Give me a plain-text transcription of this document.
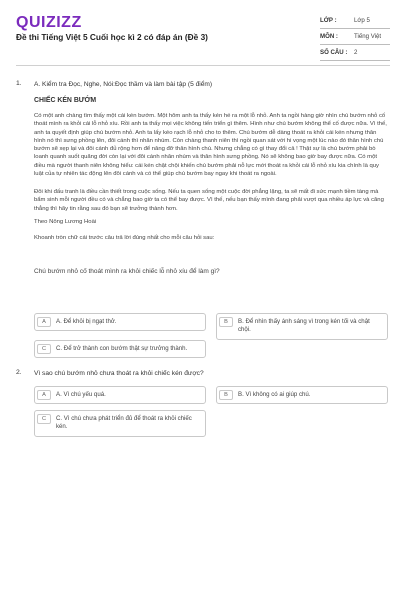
QUIZIZZ
Đề thi Tiếng Việt 5 Cuối học kì 2 có đáp án (Đề 3)
LỚP :	Lớp 5
MÔN :	Tiếng Việt
SỐ CÂU :	2
1. A. Kiểm tra Đọc, Nghe, Nói:Đọc thầm và làm bài tập (5 điểm)
CHIẾC KÉN BƯỚM
Có một anh chàng tìm thấy một cái kén bướm. Một hôm anh ta thấy kén hé ra một lỗ nhỏ. Anh ta ngồi hàng giờ nhìn chú bướm nhỏ cố thoát mình ra khỏi cái lỗ nhỏ xíu. Rồi anh ta thấy mọi việc không tiến triển gì thêm. Hình như chú bướm không thể cố được nữa. Vì thế, anh ta quyết định giúp chú bướm nhỏ. Anh ta lấy kéo rạch lỗ nhỏ cho to thêm. Chú bướm dễ dàng thoát ra khỏi cái kén nhưng thân hình nó thì sưng phồng lên, đôi cánh thì nhăn nhúm. Còn chàng thanh niên thì ngồi quan sát với hi vọng một lúc nào đó thân hình chú bướm sẽ xẹp lại và đôi cánh đủ rộng hơn để nâng đỡ thân hình chú. Nhưng chẳng có gì thay đổi cả ! Thật sự là chú bướm phải bò loanh quanh suốt quãng đời còn lại với đôi cánh nhăn nhúm và thân hình sưng phồng. Nó sẽ không bao giờ bay được nữa. Có một điều mà người thanh niên không hiểu: cái kén chật chội khiến chú bướm phải nỗ lực mới thoát ra khỏi cái lỗ nhỏ xíu kia chính là quy luật của tự nhiên tác động lên đôi cánh và có thể giúp chú bướm bay ngay khi thoát ra ngoài.
Đôi khi đấu tranh là điều cần thiết trong cuộc sống. Nếu ta quen sống một cuộc đời phẳng lặng, ta sẽ mất đi sức mạnh tiềm tàng mà bẩm sinh mỗi người đều có và chẳng bao giờ ta có thể bay được. Vì thế, nếu bạn thấy mình đang phải vượt qua nhiều áp lực và căng thẳng thì hãy tin rằng sau đó bạn sẽ trưởng thành hơn.
Theo Nông Lương Hoài
Khoanh tròn chữ cái trước câu trả lời đúng nhất cho mỗi câu hỏi sau:
Chú bướm nhỏ cố thoát mình ra khỏi chiếc lỗ nhỏ xíu để làm gì?
A	A. Để khỏi bị ngạt thở.	B	B. Để nhìn thấy ánh sáng vì trong kén tối và chật chội.
C	C. Để trở thành con bướm thật sự trưởng thành.
2. Vì sao chú bướm nhỏ chưa thoát ra khỏi chiếc kén được?
A	A. Vì chú yếu quá.	B	B. Vì không có ai giúp chú.
C	C. Vì chú chưa phát triển đủ để thoát ra khỏi chiếc kén.
